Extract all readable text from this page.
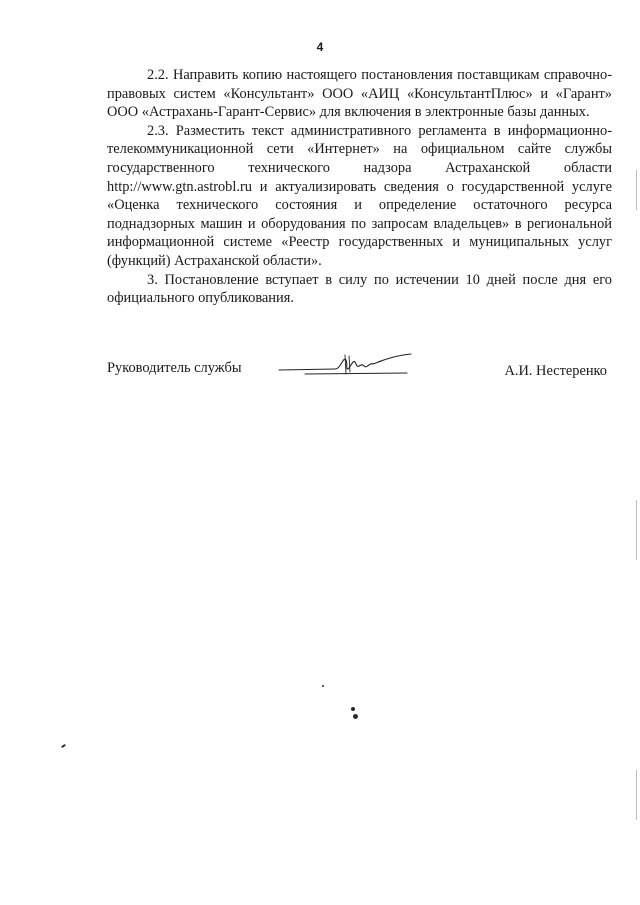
4

2.2. Направить копию настоящего постановления поставщикам справочно-правовых систем «Консультант» ООО «АИЦ «КонсультантПлюс» и «Гарант» ООО «Астрахань-Гарант-Сервис» для включения в электронные базы данных.

2.3. Разместить текст административного регламента в информационно-телекоммуникационной сети «Интернет» на официальном сайте службы государственного технического надзора Астраханской области http://www.gtn.astrobl.ru и актуализировать сведения о государственной услуге «Оценка технического состояния и определение остаточного ресурса поднадзорных машин и оборудования по запросам владельцев» в региональной информационной системе «Реестр государственных и муниципальных услуг (функций) Астраханской области».

3. Постановление вступает в силу по истечении 10 дней после дня его официального опубликования.

Руководитель службы	А.И. Нестеренко
